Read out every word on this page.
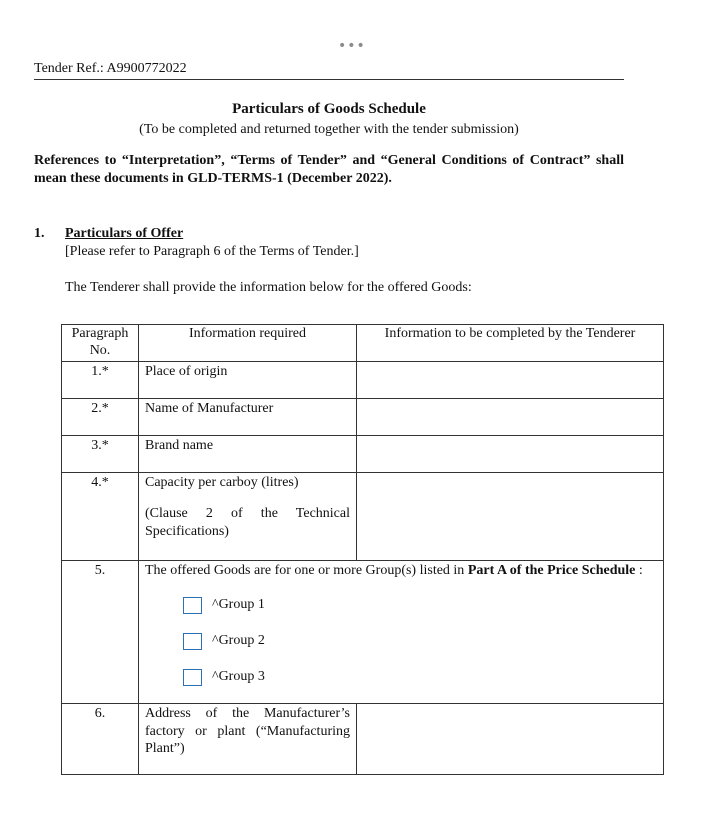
•••
Tender Ref.: A9900772022
Particulars of Goods Schedule
(To be completed and returned together with the tender submission)
References to “Interpretation”, “Terms of Tender” and “General Conditions of Contract” shall mean these documents in GLD-TERMS-1 (December 2022).
1. Particulars of Offer
[Please refer to Paragraph 6 of the Terms of Tender.]
The Tenderer shall provide the information below for the offered Goods:
Paragraph No.	Information required	Information to be completed by the Tenderer
1.*	Place of origin	
2.*	Name of Manufacturer	
3.*	Brand name	
4.*	Capacity per carboy (litres)
(Clause 2 of the Technical Specifications)	

5.	The offered Goods are for one or more Group(s) listed in Part A of the Price Schedule :
^Group 1
^Group 2
^Group 3	

6.	Address of the Manufacturer’s factory or plant (“Manufacturing Plant”)	
